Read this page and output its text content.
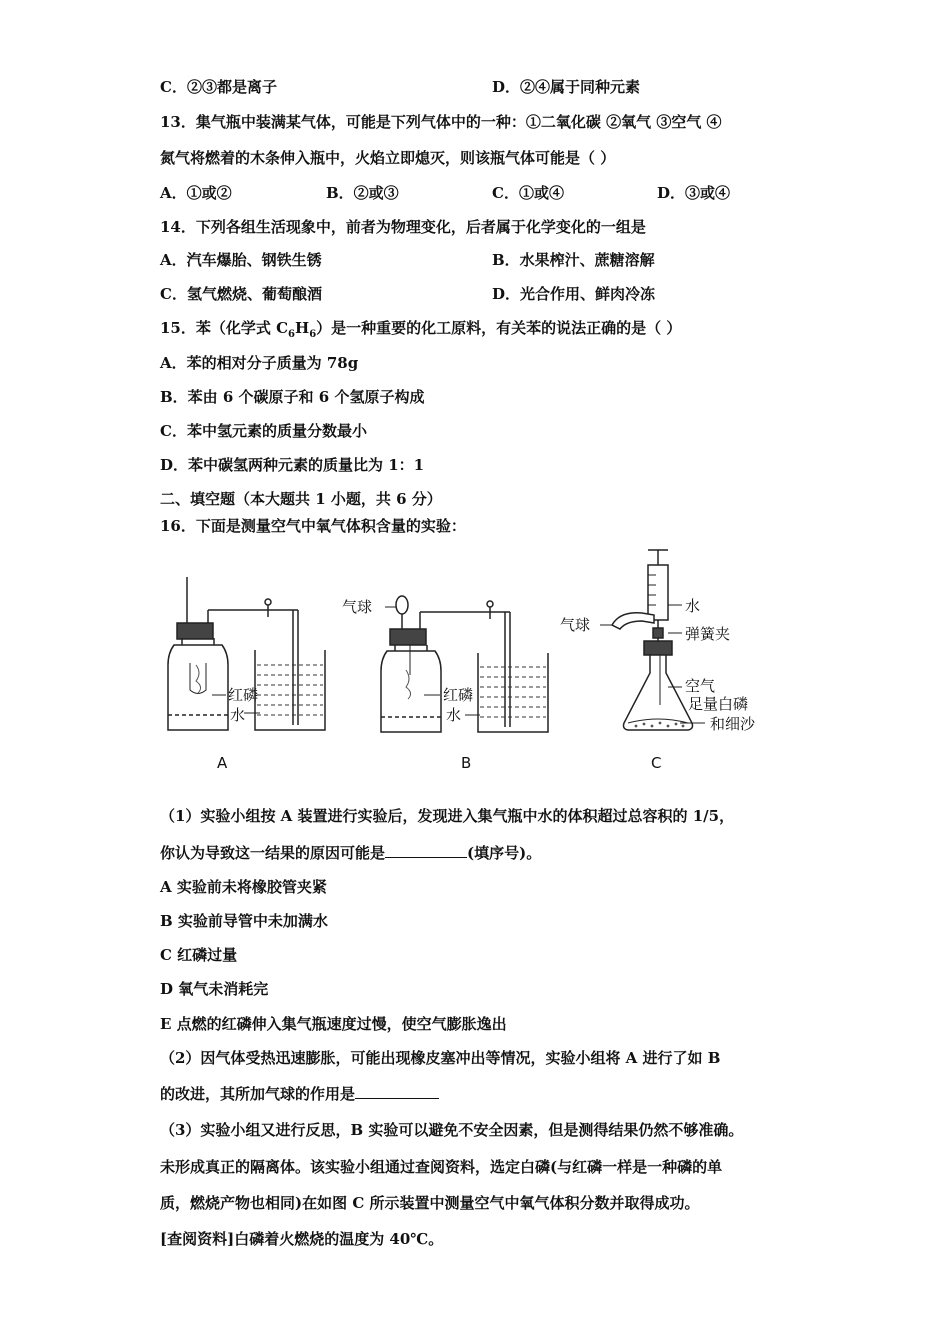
C．②③都是离子	D．②④属于同种元素
13．集气瓶中装满某气体，可能是下列气体中的一种：①二氧化碳 ②氧气 ③空气 ④
氮气将燃着的木条伸入瓶中，火焰立即熄灭，则该瓶气体可能是（ ）
A．①或②	B．②或③	C．①或④	D．③或④
14．下列各组生活现象中，前者为物理变化，后者属于化学变化的一组是
A．汽车爆胎、钢铁生锈	B．水果榨汁、蔗糖溶解
C．氢气燃烧、葡萄酿酒	D．光合作用、鲜肉冷冻
15．苯（化学式 $C_6H_6$）是一种重要的化工原料，有关苯的说法正确的是（ ）
A．苯的相对分子质量为 78g
B．苯由 6 个碳原子和 6 个氢原子构成
C．苯中氢元素的质量分数最小
D．苯中碳氢两种元素的质量比为 1：1
二、填空题（本大题共 1 小题，共 6 分）
16．下面是测量空气中氧气体积含量的实验：
红磷
水
气球
红磷
水
水
气球	弹簧夹
空气
足量白磷
和细沙
A	B	C
（1）实验小组按 A 装置进行实验后，发现进入集气瓶中水的体积超过总容积的 1/5，
你认为导致这一结果的原因可能是	(填序号)。
A 实验前未将橡胶管夹紧
B 实验前导管中未加满水
C 红磷过量
D 氧气未消耗完
E 点燃的红磷伸入集气瓶速度过慢，使空气膨胀逸出
（2）因气体受热迅速膨胀，可能出现橡皮塞冲出等情况，实验小组将 A 进行了如 B
的改进，其所加气球的作用是
（3）实验小组又进行反思，B 实验可以避免不安全因素，但是测得结果仍然不够准确。
未形成真正的隔离体。该实验小组通过查阅资料，选定白磷(与红磷一样是一种磷的单
质，燃烧产物也相同)在如图 C 所示装置中测量空气中氧气体积分数并取得成功。
[查阅资料]白磷着火燃烧的温度为 40℃。
